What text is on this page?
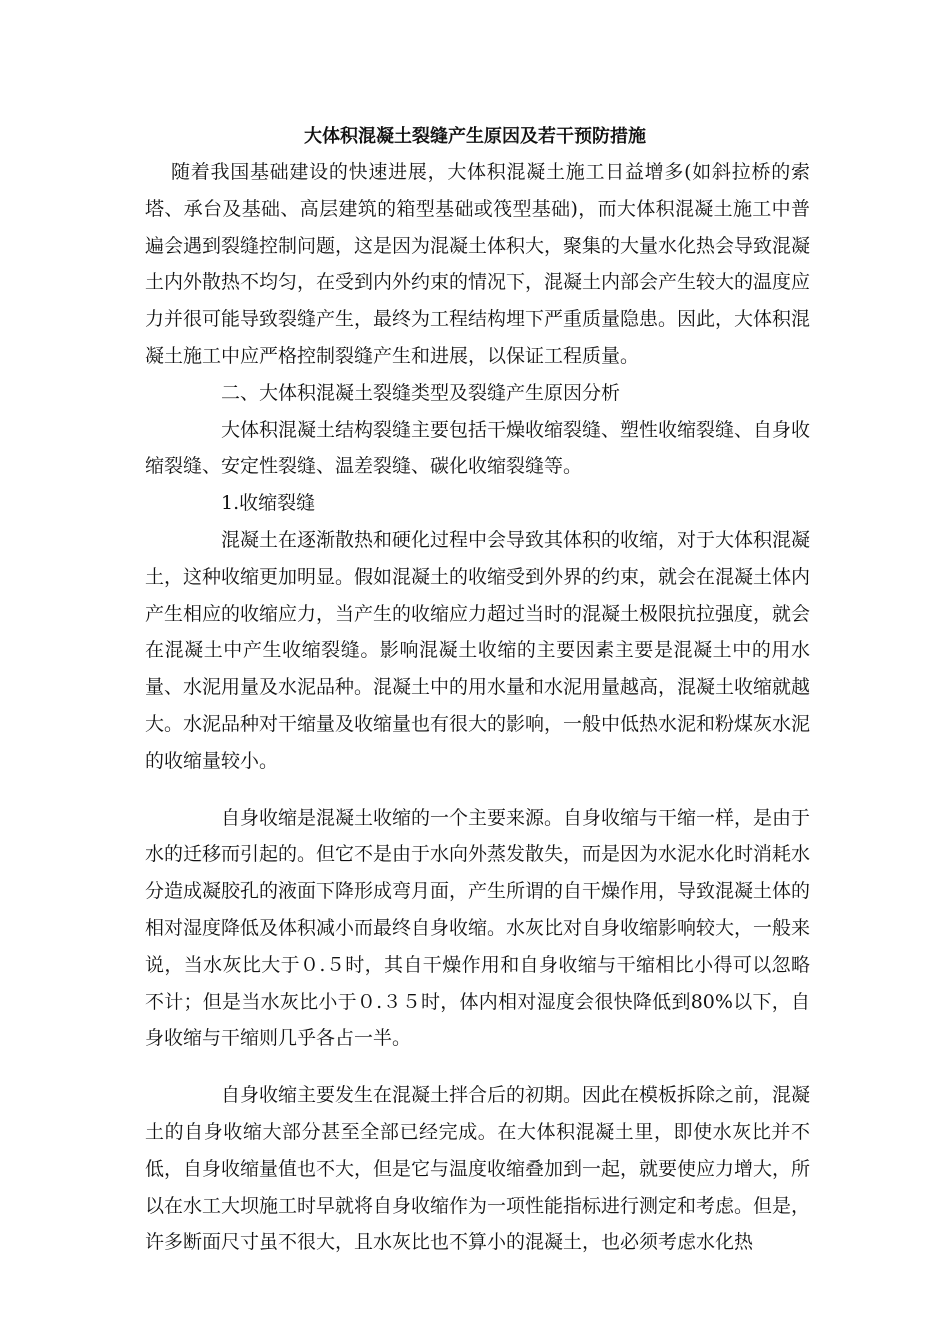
大体积混凝土裂缝产生原因及若干预防措施

随着我国基础建设的快速进展，大体积混凝土施工日益增多(如斜拉桥的索塔、承台及基础、高层建筑的箱型基础或筏型基础)，而大体积混凝土施工中普遍会遇到裂缝控制问题，这是因为混凝土体积大，聚集的大量水化热会导致混凝土内外散热不均匀，在受到内外约束的情况下，混凝土内部会产生较大的温度应力并很可能导致裂缝产生，最终为工程结构埋下严重质量隐患。因此，大体积混凝土施工中应严格控制裂缝产生和进展，以保证工程质量。

二、大体积混凝土裂缝类型及裂缝产生原因分析

大体积混凝土结构裂缝主要包括干燥收缩裂缝、塑性收缩裂缝、自身收缩裂缝、安定性裂缝、温差裂缝、碳化收缩裂缝等。

1.收缩裂缝

混凝土在逐渐散热和硬化过程中会导致其体积的收缩，对于大体积混凝土，这种收缩更加明显。假如混凝土的收缩受到外界的约束，就会在混凝土体内产生相应的收缩应力，当产生的收缩应力超过当时的混凝土极限抗拉强度，就会在混凝土中产生收缩裂缝。影响混凝土收缩的主要因素主要是混凝土中的用水量、水泥用量及水泥品种。混凝土中的用水量和水泥用量越高，混凝土收缩就越大。水泥品种对干缩量及收缩量也有很大的影响，一般中低热水泥和粉煤灰水泥的收缩量较小。

自身收缩是混凝土收缩的一个主要来源。自身收缩与干缩一样，是由于水的迁移而引起的。但它不是由于水向外蒸发散失，而是因为水泥水化时消耗水分造成凝胶孔的液面下降形成弯月面，产生所谓的自干燥作用，导致混凝土体的相对湿度降低及体积减小而最终自身收缩。水灰比对自身收缩影响较大，一般来说，当水灰比大于０.５时，其自干燥作用和自身收缩与干缩相比小得可以忽略不计；但是当水灰比小于０.３５时，体内相对湿度会很快降低到80%以下，自身收缩与干缩则几乎各占一半。

自身收缩主要发生在混凝土拌合后的初期。因此在模板拆除之前，混凝土的自身收缩大部分甚至全部已经完成。在大体积混凝土里，即使水灰比并不低，自身收缩量值也不大，但是它与温度收缩叠加到一起，就要使应力增大，所以在水工大坝施工时早就将自身收缩作为一项性能指标进行测定和考虑。但是，许多断面尺寸虽不很大，且水灰比也不算小的混凝土，也必须考虑水化热
